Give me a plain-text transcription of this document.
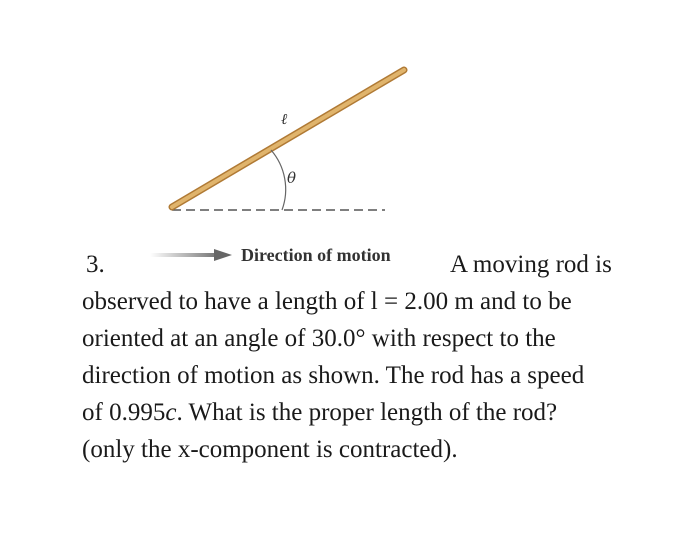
ℓ
θ
Direction of motion
3.	A moving rod is
observed to have a length of l = 2.00 m and to be
oriented at an angle of 30.0° with respect to the
direction of motion as shown. The rod has a speed
of 0.995c. What is the proper length of the rod?
(only the x-component is contracted).
